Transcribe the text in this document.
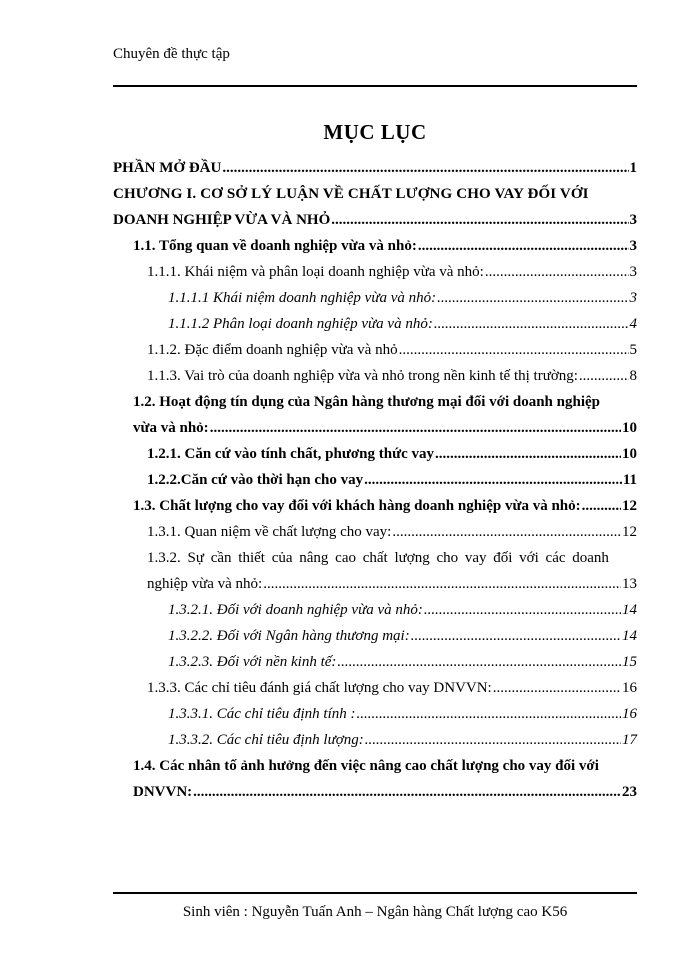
Chuyên đề thực tập
MỤC LỤC
PHẦN MỞ ĐẦU .....	1
CHƯƠNG I. CƠ SỞ LÝ LUẬN VỀ CHẤT LƯỢNG CHO VAY ĐỐI VỚI
DOANH NGHIỆP VỪA VÀ NHỎ .....	3
1.1. Tổng quan về doanh nghiệp vừa và nhỏ: .....	3
1.1.1. Khái niệm và phân loại doanh nghiệp vừa và nhỏ: .....	3
1.1.1.1 Khái niệm doanh nghiệp vừa và nhỏ: .....	3
1.1.1.2 Phân loại doanh nghiệp vừa và nhỏ: .....	4
1.1.2. Đặc điểm doanh nghiệp vừa và nhỏ .....	5
1.1.3. Vai trò của doanh nghiệp vừa và nhỏ trong nền kinh tế thị trường: .....	8
1.2. Hoạt động tín dụng của Ngân hàng thương mại đối với doanh nghiệp
vừa và nhỏ: .....	10
1.2.1. Căn cứ vào tính chất, phương thức vay .....	10
1.2.2.Căn cứ vào thời hạn cho vay .....	11
1.3. Chất lượng cho vay đối với khách hàng doanh nghiệp vừa và nhỏ: .....	12
1.3.1. Quan niệm về chất lượng cho vay: .....	12
1.3.2. Sự cần thiết của nâng cao chất lượng cho vay đối với các doanh
nghiệp vừa và nhỏ: .....	13
1.3.2.1. Đối với doanh nghiệp vừa và nhỏ: .....	14
1.3.2.2. Đối với Ngân hàng thương mại: .....	14
1.3.2.3. Đối với nền kinh tế: .....	15
1.3.3. Các chỉ tiêu đánh giá chất lượng cho vay DNVVN: .....	16
1.3.3.1. Các chỉ tiêu định tính : .....	16
1.3.3.2. Các chỉ tiêu định lượng: .....	17
1.4. Các nhân tố ảnh hưởng đến việc nâng cao chất lượng cho vay đối với
DNVVN: .....	23
Sinh viên : Nguyễn Tuấn Anh – Ngân hàng Chất lượng cao K56
